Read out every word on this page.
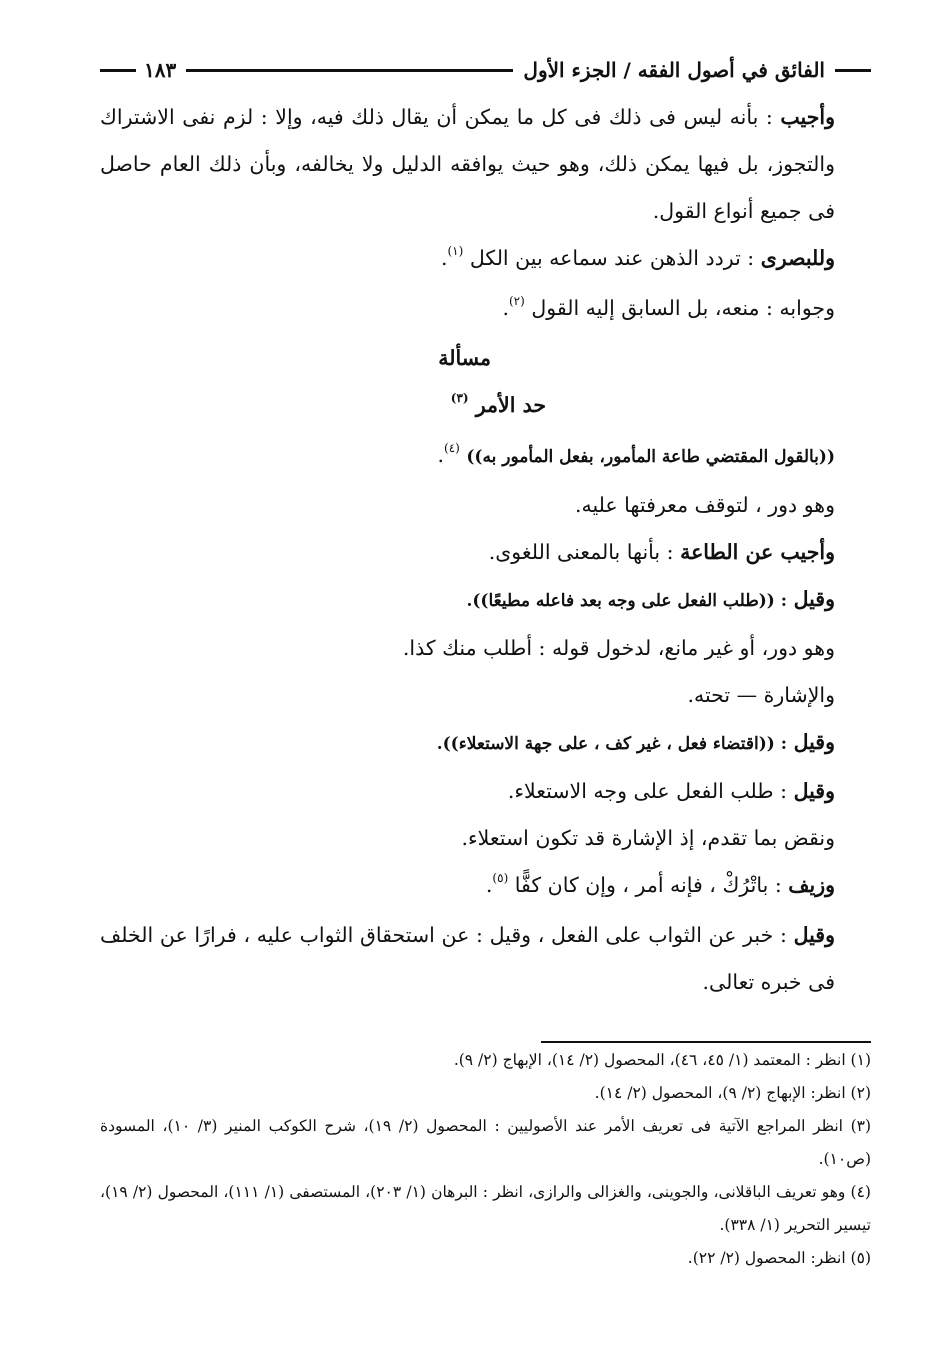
الفائق في أصول الفقه / الجزء الأول
١٨٣

وأجيب : بأنه ليس فى ذلك فى كل ما يمكن أن يقال ذلك فيه، وإلا : لزم نفى الاشتراك والتجوز، بل فيها يمكن ذلك، وهو حيث يوافقه الدليل ولا يخالفه، وبأن ذلك العام حاصل فى جميع أنواع القول.

وللبصرى : تردد الذهن عند سماعه بين الكل $^{(١)}$.

وجوابه : منعه، بل السابق إليه القول $^{(٢)}$.

مسألة
حد الأمر $^{(٣)}$

((بالقول المقتضي طاعة المأمور، بفعل المأمور به)) $^{(٤)}$.

وهو دور ، لتوقف معرفتها عليه.

وأجيب عن الطاعة : بأنها بالمعنى اللغوى.

وقيل : ((طلب الفعل على وجه بعد فاعله مطيعًا)).

وهو دور، أو غير مانع، لدخول قوله : أطلب منك كذا.

والإشارة — تحته.

وقيل : ((اقتضاء فعل ، غير كف ، على جهة الاستعلاء)).

وقيل : طلب الفعل على وجه الاستعلاء.

ونقض بما تقدم، إذ الإشارة قد تكون استعلاء.

وزيف : باتْرُكْ ، فإنه أمر ، وإن كان كفًّا $^{(٥)}$.

وقيل : خبر عن الثواب على الفعل ، وقيل : عن استحقاق الثواب عليه ، فرارًا عن الخلف فى خبره تعالى.

(١) انظر : المعتمد (١/ ٤٥، ٤٦)، المحصول (٢/ ١٤)، الإبهاج (٢/ ٩).

(٢) انظر: الإبهاج (٢/ ٩)، المحصول (٢/ ١٤).

(٣) انظر المراجع الآتية فى تعريف الأمر عند الأصوليين : المحصول (٢/ ١٩)، شرح الكوكب المنير (٣/ ١٠)، المسودة (ص١٠).

(٤) وهو تعريف الباقلانى، والجوينى، والغزالى والرازى، انظر : البرهان (١/ ٢٠٣)، المستصفى (١/ ١١١)، المحصول (٢/ ١٩)، تيسير التحرير (١/ ٣٣٨).

(٥) انظر: المحصول (٢/ ٢٢).
